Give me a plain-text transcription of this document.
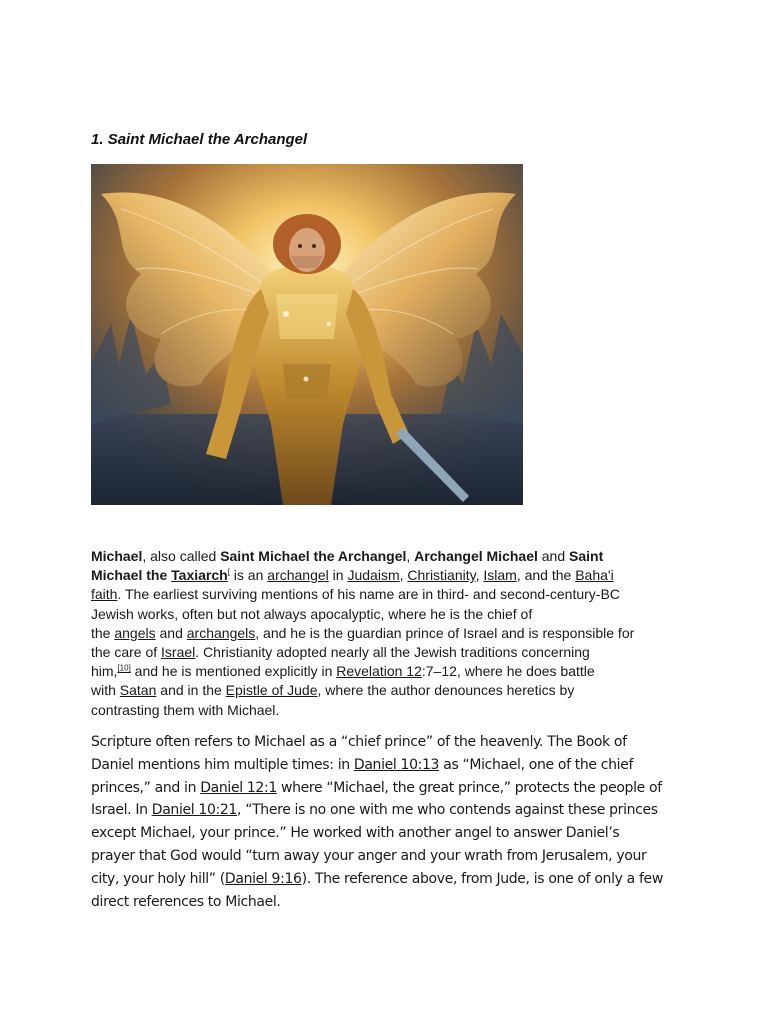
1. Saint Michael the Archangel
Michael, also called Saint Michael the Archangel, Archangel Michael and Saint
Michael the Taxiarch[ is an archangel in Judaism, Christianity, Islam, and the Baha'i
faith. The earliest surviving mentions of his name are in third- and second-century-BC
Jewish works, often but not always apocalyptic, where he is the chief of
the angels and archangels, and he is the guardian prince of Israel and is responsible for
the care of Israel. Christianity adopted nearly all the Jewish traditions concerning
him,[10] and he is mentioned explicitly in Revelation 12:7–12, where he does battle
with Satan and in the Epistle of Jude, where the author denounces heretics by
contrasting them with Michael.
Scripture often refers to Michael as a “chief prince” of the heavenly. The Book of
Daniel mentions him multiple times: in Daniel 10:13 as “Michael, one of the chief
princes,” and in Daniel 12:1 where “Michael, the great prince,” protects the people of
Israel. In Daniel 10:21, “There is no one with me who contends against these princes
except Michael, your prince.” He worked with another angel to answer Daniel’s
prayer that God would “turn away your anger and your wrath from Jerusalem, your
city, your holy hill” (Daniel 9:16). The reference above, from Jude, is one of only a few
direct references to Michael.
